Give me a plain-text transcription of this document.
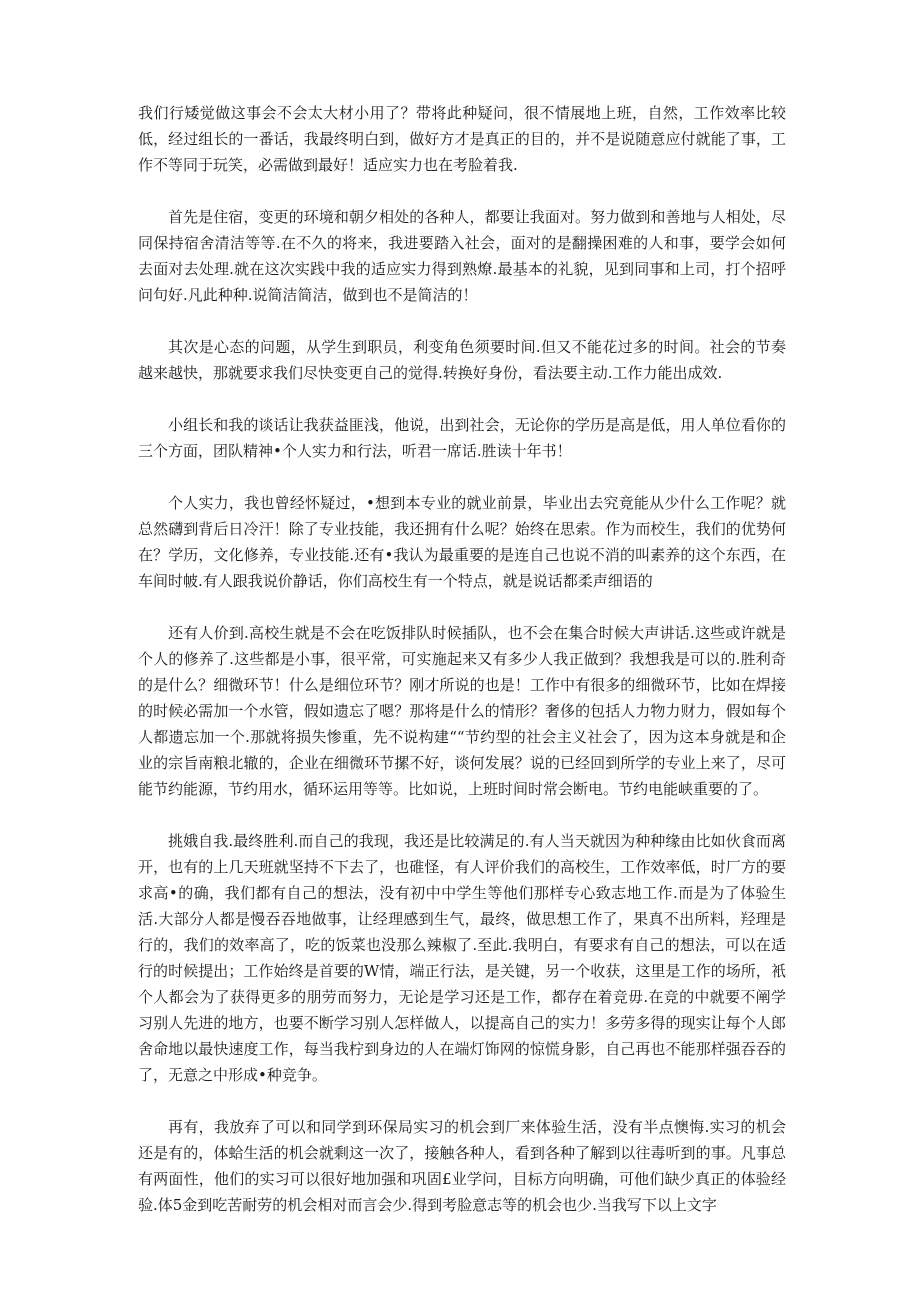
我们行矮觉做这事会不会太大材小用了？带将此种疑问，很不情展地上班，自然，工作效率比较低，经过组长的一番话，我最终明白到，做好方才是真正的目的，并不是说随意应付就能了事，工作不等同于玩笑，必需做到最好！适应实力也在考脸着我.

首先是住宿，变更的环境和朝夕相处的各种人，都要让我面对。努力做到和善地与人相处，尽同保持宿舍清洁等等.在不久的将来，我进要踏入社会，面对的是翻操困难的人和事，要学会如何去面对去处理.就在这次实践中我的适应实力得到熟燎.最基本的礼貌，见到同事和上司，打个招呼问句好.凡此种种.说简洁简洁，做到也不是简洁的！

其次是心态的问题，从学生到职员，利变角色须要时间.但又不能花过多的时间。社会的节奏越来越快，那就要求我们尽快变更自己的觉得.转换好身份，看法要主动.工作力能出成效.

小组长和我的谈话让我获益匪浅，他说，出到社会，无论你的学历是高是低，用人单位看你的三个方面，团队精神•个人实力和行法，听君一席话.胜读十年书！

个人实力，我也曾经怀疑过，•想到本专业的就业前景，毕业出去究竟能从少什么工作呢？就总然礴到背后日冷汗！除了专业技能，我还拥有什么呢？始终在思索。作为而校生，我们的优势何在？学历，文化修养，专业技能.还有•我认为最重要的是连自己也说不消的叫素养的这个东西，在车间时帔.有人跟我说价静话，你们高校生有一个特点，就是说话都柔声细语的

还有人价到.高校生就是不会在吃饭排队时候插队，也不会在集合时候大声讲话.这些或许就是个人的修养了.这些都是小事，很平常，可实施起来又有多少人我正做到？我想我是可以的.胜利奇的是什么？细微环节！什么是细位环节？刚才所说的也是！工作中有很多的细微环节，比如在焊接的时候必需加一个水管，假如遗忘了嗯？那将是什么的情形？奢侈的包括人力物力财力，假如每个人都遗忘加一个.那就将损失惨重，先不说构建““节约型的社会主义社会了，因为这本身就是和企业的宗旨南粮北辙的，企业在细微环节摞不好，谈何发展？说的已经回到所学的专业上来了，尽可能节约能源，节约用水，循环运用等等。比如说，上班时间时常会断电。节约电能峡重要的了。

挑娥自我.最终胜利.而自己的我现，我还是比较满足的.有人当天就因为种种缘由比如伙食而离开，也有的上几天班就坚持不下去了，也碓怪，有人评价我们的高校生，工作效率低，时厂方的要求高•的确，我们都有自己的想法，没有初中中学生等他们那样专心致志地工作.而是为了体验生活.大部分人都是慢吞吞地做事，让经理感到生气，最终，做思想工作了，果真不出所料，羟理是行的，我们的效率高了，吃的饭菜也没那么辣椒了.至此.我明白，有要求有自己的想法，可以在适行的时候提出；工作始终是首要的W情，端正行法，是关键，另一个收获，这里是工作的场所，衹个人都会为了获得更多的朋劳而努力，无论是学习还是工作，都存在着竞毋.在竞的中就要不阐学习别人先进的地方，也要不断学习别人怎样做人，以提高自己的实力！多劳多得的现实让每个人郎舍命地以最快速度工作，每当我柠到身边的人在端灯饰网的惊慌身影，自己再也不能那样强吞吞的了，无意之中形成•种竞争。

再有，我放弃了可以和同学到环保局实习的机会到厂来体验生活，没有半点懊悔.实习的机会还是有的，体蛤生活的机会就剩这一次了，接触各种人，看到各种了解到以往毒听到的事。凡事总有两面性，他们的实习可以很好地加强和巩固£业学问，目标方向明确，可他们缺少真正的体验经验.体5金到吃苦耐劳的机会相对而言会少.得到考脸意志等的机会也少.当我写下以上文字
